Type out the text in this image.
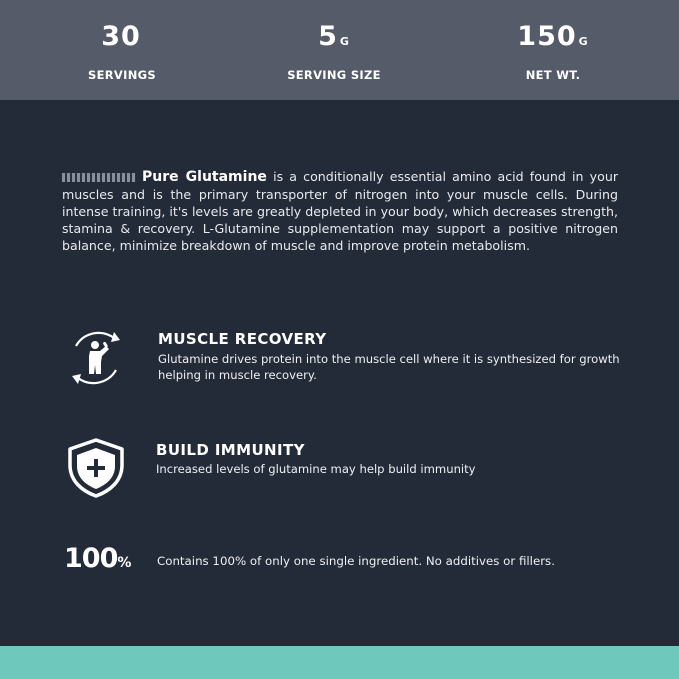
30
SERVINGS
5 G
SERVING SIZE
150 G
NET WT.

Pure Glutamine is a conditionally essential amino acid found in your muscles and is the primary transporter of nitrogen into your muscle cells. During intense training, it's levels are greatly depleted in your body, which decreases strength, stamina & recovery. L-Glutamine supplementation may support a positive nitrogen balance, minimize breakdown of muscle and improve protein metabolism.

MUSCLE RECOVERY
Glutamine drives protein into the muscle cell where it is synthesized for growth helping in muscle recovery.
BUILD IMMUNITY
Increased levels of glutamine may help build immunity
100% Contains 100% of only one single ingredient. No additives or fillers.
